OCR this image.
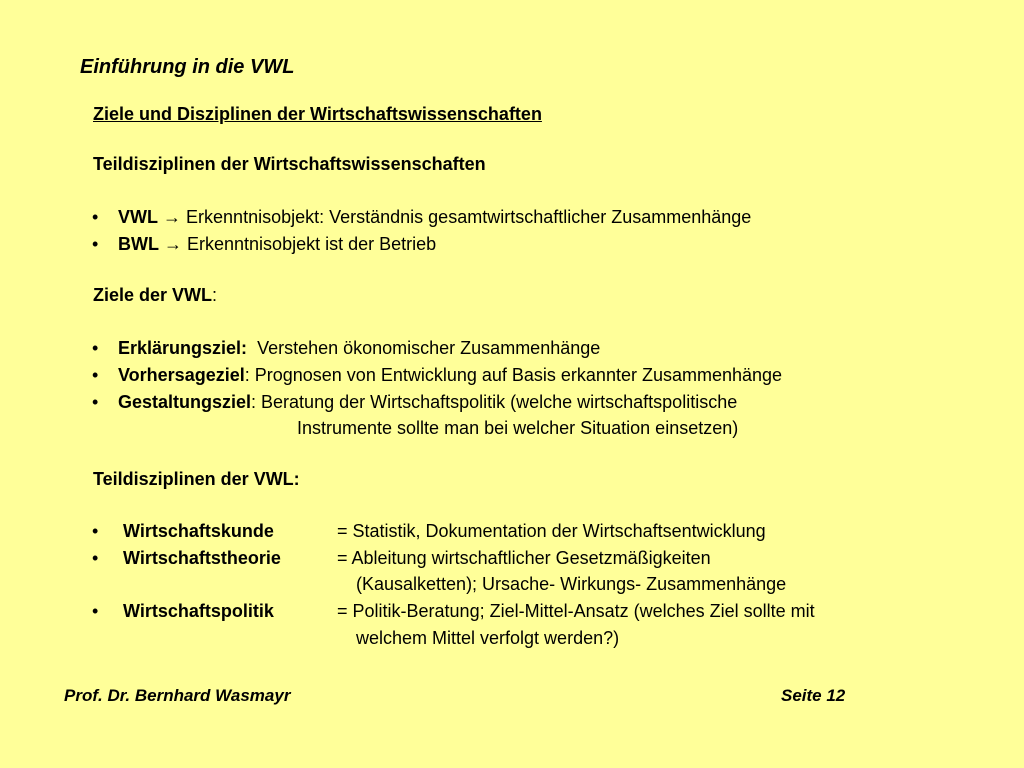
Einführung in die VWL
Ziele und Disziplinen der Wirtschaftswissenschaften
Teildisziplinen der Wirtschaftswissenschaften
• VWL → Erkenntnisobjekt: Verständnis gesamtwirtschaftlicher Zusammenhänge
• BWL → Erkenntnisobjekt ist der Betrieb
Ziele der VWL:
• Erklärungsziel: Verstehen ökonomischer Zusammenhänge
• Vorhersageziel: Prognosen von Entwicklung auf Basis erkannter Zusammenhänge
• Gestaltungsziel: Beratung der Wirtschaftspolitik (welche wirtschaftspolitische
Instrumente sollte man bei welcher Situation einsetzen)
Teildisziplinen der VWL:
• Wirtschaftskunde	= Statistik, Dokumentation der Wirtschaftsentwicklung
• Wirtschaftstheorie	= Ableitung wirtschaftlicher Gesetzmäßigkeiten
(Kausalketten); Ursache- Wirkungs- Zusammenhänge
• Wirtschaftspolitik	= Politik-Beratung; Ziel-Mittel-Ansatz (welches Ziel sollte mit
welchem Mittel verfolgt werden?)
Prof. Dr. Bernhard Wasmayr	Seite 12
